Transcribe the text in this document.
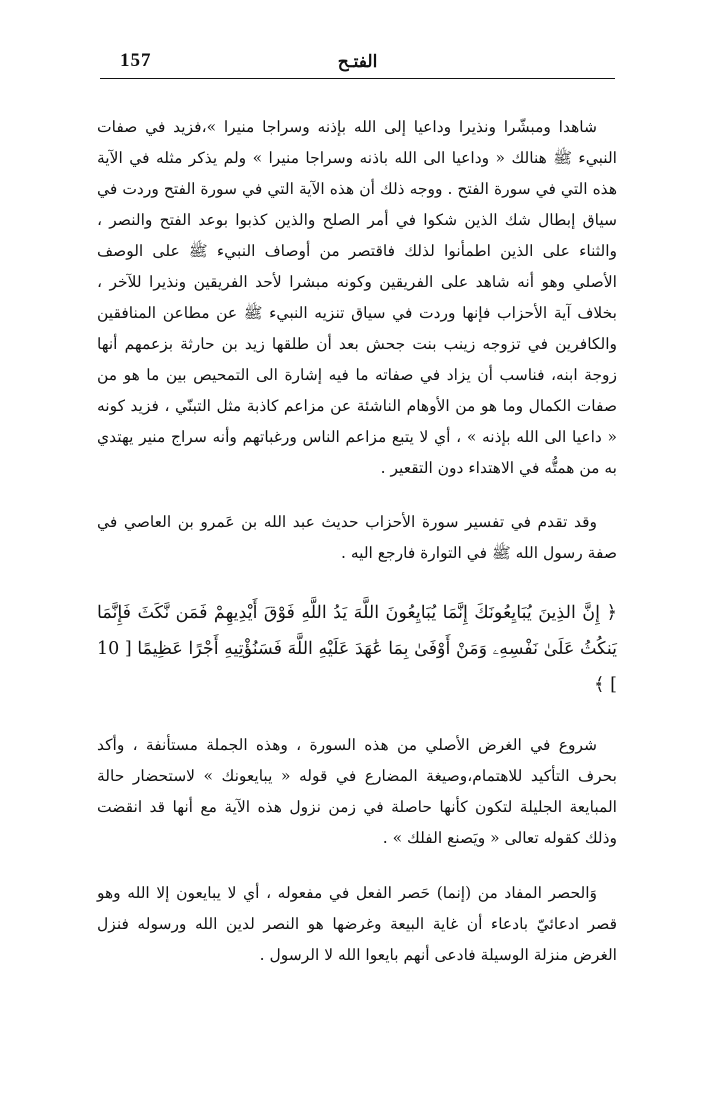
157	الفتـح

شاهدا ومبشّرا ونذيرا وداعيا إلى الله بإذنه وسراجا منيرا »،فزيد في صفات النبيء ﷺ هنالك « وداعيا الى الله باذنه وسراجا منيرا » ولم يذكر مثله في الآية هذه التي في سورة الفتح . ووجه ذلك أن هذه الآية التي في سورة الفتح وردت في سياق إبطال شك الذين شكوا في أمر الصلح والذين كذبوا بوعد الفتح والنصر ، والثناء على الذين اطمأنوا لذلك فاقتصر من أوصاف النبيء ﷺ على الوصف الأصلي وهو أنه شاهد على الفريقين وكونه مبشرا لأحد الفريقين ونذيرا للآخر ، بخلاف آية الأحزاب فإنها وردت في سياق تنزيه النبيء ﷺ عن مطاعن المنافقين والكافرين في تزوجه زينب بنت جحش بعد أن طلقها زيد بن حارثة بزعمهم أنها زوجة ابنه، فناسب أن يزاد في صفاته ما فيه إشارة الى التمحيص بين ما هو من صفات الكمال وما هو من الأوهام الناشئة عن مزاعم كاذبة مثل التبنّي ، فزيد كونه « داعيا الى الله بإذنه » ، أي لا يتبع مزاعم الناس ورغباتهم وأنه سراج منير يهتدي به من همتُّه في الاهتداء دون التقعير .

وقد تقدم في تفسير سورة الأحزاب حديث عبد الله بن عَمرو بن العاصي في صفة رسول الله ﷺ في التوارة فارجع اليه .

﴿ إِنَّ الذِينَ يُبَايِعُونَكَ إِنَّمَا يُبَايِعُونَ اللَّهَ يَدُ اللَّهِ فَوْقَ أَيْدِيهِمْ فَمَن نَّكَثَ فَإِنَّمَا يَنكُثُ عَلَىٰ نَفْسِهِۦ وَمَنْ أَوْفَىٰ بِمَا عَٰهَدَ عَلَيْهِ اللَّهَ فَسَنُؤْتِيهِ أَجْرًا عَظِيمًا [ 10 ] ﴾

شروع في الغرض الأصلي من هذه السورة ، وهذه الجملة مستأنفة ، وأكد بحرف التأكيد للاهتمام،وصيغة المضارع في قوله « يبايعونك » لاستحضار حالة المبايعة الجليلة لتكون كأنها حاصلة في زمن نزول هذه الآية مع أنها قد انقضت وذلك كقوله تعالى « ويَصنع الفلك » .

وَالحصر المفاد من (إنما) حَصر الفعل في مفعوله ، أي لا يبايعون إلا الله وهو قصر ادعائيّ بادعاء أن غاية البيعة وغرضها هو النصر لدين الله ورسوله فنزل الغرض منزلة الوسيلة فادعى أنهم بايعوا الله لا الرسول .
